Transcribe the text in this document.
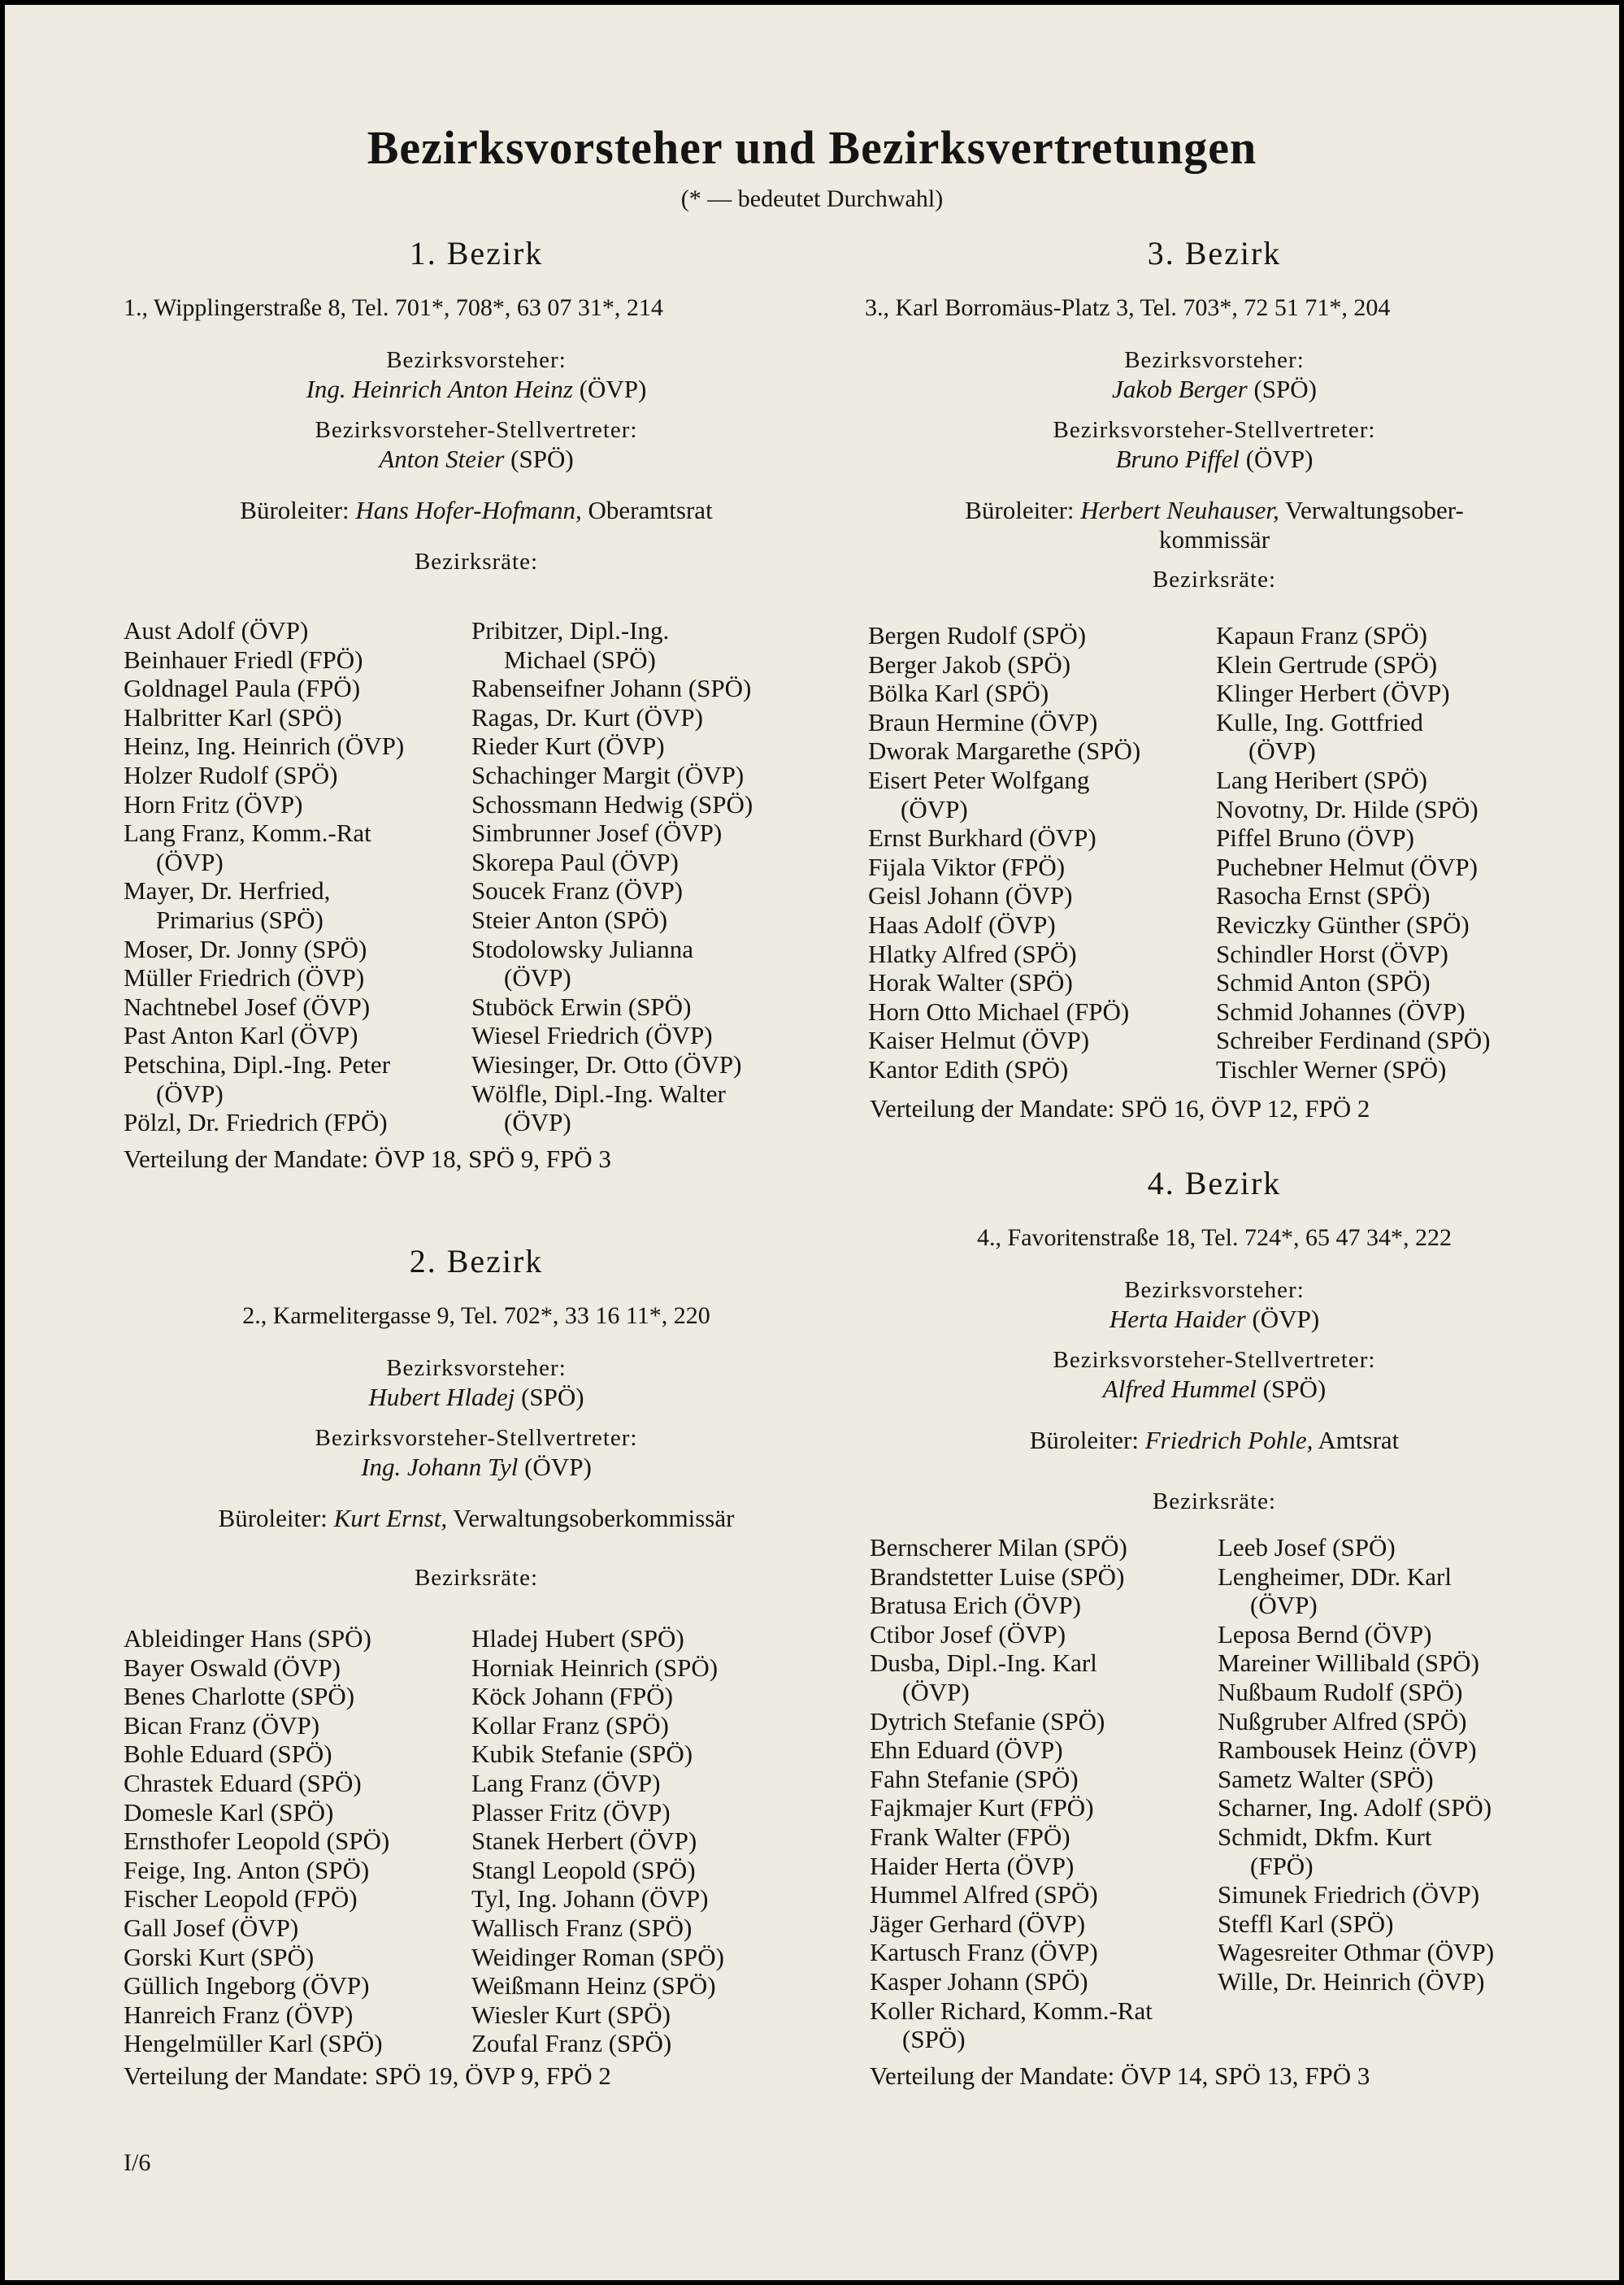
Bezirksvorsteher und Bezirksvertretungen
(* — bedeutet Durchwahl)
1. Bezirk
1., Wipplingerstraße 8, Tel. 701*, 708*, 63 07 31*, 214
Bezirksvorsteher:
Ing. Heinrich Anton Heinz (ÖVP)
Bezirksvorsteher-Stellvertreter:
Anton Steier (SPÖ)
Büroleiter: Hans Hofer-Hofmann, Oberamtsrat
Bezirksräte:
Aust Adolf (ÖVP)
Beinhauer Friedl (FPÖ)
Goldnagel Paula (FPÖ)
Halbritter Karl (SPÖ)
Heinz, Ing. Heinrich (ÖVP)
Holzer Rudolf (SPÖ)
Horn Fritz (ÖVP)
Lang Franz, Komm.-Rat
(ÖVP)
Mayer, Dr. Herfried,
Primarius (SPÖ)
Moser, Dr. Jonny (SPÖ)
Müller Friedrich (ÖVP)
Nachtnebel Josef (ÖVP)
Past Anton Karl (ÖVP)
Petschina, Dipl.-Ing. Peter
(ÖVP)
Pölzl, Dr. Friedrich (FPÖ)
Pribitzer, Dipl.-Ing.
Michael (SPÖ)
Rabenseifner Johann (SPÖ)
Ragas, Dr. Kurt (ÖVP)
Rieder Kurt (ÖVP)
Schachinger Margit (ÖVP)
Schossmann Hedwig (SPÖ)
Simbrunner Josef (ÖVP)
Skorepa Paul (ÖVP)
Soucek Franz (ÖVP)
Steier Anton (SPÖ)
Stodolowsky Julianna
(ÖVP)
Stuböck Erwin (SPÖ)
Wiesel Friedrich (ÖVP)
Wiesinger, Dr. Otto (ÖVP)
Wölfle, Dipl.-Ing. Walter
(ÖVP)
Verteilung der Mandate: ÖVP 18, SPÖ 9, FPÖ 3
2. Bezirk
2., Karmelitergasse 9, Tel. 702*, 33 16 11*, 220
Bezirksvorsteher:
Hubert Hladej (SPÖ)
Bezirksvorsteher-Stellvertreter:
Ing. Johann Tyl (ÖVP)
Büroleiter: Kurt Ernst, Verwaltungsoberkommissär
Bezirksräte:
Ableidinger Hans (SPÖ)
Bayer Oswald (ÖVP)
Benes Charlotte (SPÖ)
Bican Franz (ÖVP)
Bohle Eduard (SPÖ)
Chrastek Eduard (SPÖ)
Domesle Karl (SPÖ)
Ernsthofer Leopold (SPÖ)
Feige, Ing. Anton (SPÖ)
Fischer Leopold (FPÖ)
Gall Josef (ÖVP)
Gorski Kurt (SPÖ)
Güllich Ingeborg (ÖVP)
Hanreich Franz (ÖVP)
Hengelmüller Karl (SPÖ)
Hladej Hubert (SPÖ)
Horniak Heinrich (SPÖ)
Köck Johann (FPÖ)
Kollar Franz (SPÖ)
Kubik Stefanie (SPÖ)
Lang Franz (ÖVP)
Plasser Fritz (ÖVP)
Stanek Herbert (ÖVP)
Stangl Leopold (SPÖ)
Tyl, Ing. Johann (ÖVP)
Wallisch Franz (SPÖ)
Weidinger Roman (SPÖ)
Weißmann Heinz (SPÖ)
Wiesler Kurt (SPÖ)
Zoufal Franz (SPÖ)
Verteilung der Mandate: SPÖ 19, ÖVP 9, FPÖ 2
3. Bezirk
3., Karl Borromäus-Platz 3, Tel. 703*, 72 51 71*, 204
Bezirksvorsteher:
Jakob Berger (SPÖ)
Bezirksvorsteher-Stellvertreter:
Bruno Piffel (ÖVP)
Büroleiter: Herbert Neuhauser, Verwaltungsober-
kommissär
Bezirksräte:
Bergen Rudolf (SPÖ)
Berger Jakob (SPÖ)
Bölka Karl (SPÖ)
Braun Hermine (ÖVP)
Dworak Margarethe (SPÖ)
Eisert Peter Wolfgang
(ÖVP)
Ernst Burkhard (ÖVP)
Fijala Viktor (FPÖ)
Geisl Johann (ÖVP)
Haas Adolf (ÖVP)
Hlatky Alfred (SPÖ)
Horak Walter (SPÖ)
Horn Otto Michael (FPÖ)
Kaiser Helmut (ÖVP)
Kantor Edith (SPÖ)
Kapaun Franz (SPÖ)
Klein Gertrude (SPÖ)
Klinger Herbert (ÖVP)
Kulle, Ing. Gottfried
(ÖVP)
Lang Heribert (SPÖ)
Novotny, Dr. Hilde (SPÖ)
Piffel Bruno (ÖVP)
Puchebner Helmut (ÖVP)
Rasocha Ernst (SPÖ)
Reviczky Günther (SPÖ)
Schindler Horst (ÖVP)
Schmid Anton (SPÖ)
Schmid Johannes (ÖVP)
Schreiber Ferdinand (SPÖ)
Tischler Werner (SPÖ)
Verteilung der Mandate: SPÖ 16, ÖVP 12, FPÖ 2
4. Bezirk
4., Favoritenstraße 18, Tel. 724*, 65 47 34*, 222
Bezirksvorsteher:
Herta Haider (ÖVP)
Bezirksvorsteher-Stellvertreter:
Alfred Hummel (SPÖ)
Büroleiter: Friedrich Pohle, Amtsrat
Bezirksräte:
Bernscherer Milan (SPÖ)
Brandstetter Luise (SPÖ)
Bratusa Erich (ÖVP)
Ctibor Josef (ÖVP)
Dusba, Dipl.-Ing. Karl
(ÖVP)
Dytrich Stefanie (SPÖ)
Ehn Eduard (ÖVP)
Fahn Stefanie (SPÖ)
Fajkmajer Kurt (FPÖ)
Frank Walter (FPÖ)
Haider Herta (ÖVP)
Hummel Alfred (SPÖ)
Jäger Gerhard (ÖVP)
Kartusch Franz (ÖVP)
Kasper Johann (SPÖ)
Koller Richard, Komm.-Rat
(SPÖ)
Leeb Josef (SPÖ)
Lengheimer, DDr. Karl
(ÖVP)
Leposa Bernd (ÖVP)
Mareiner Willibald (SPÖ)
Nußbaum Rudolf (SPÖ)
Nußgruber Alfred (SPÖ)
Rambousek Heinz (ÖVP)
Sametz Walter (SPÖ)
Scharner, Ing. Adolf (SPÖ)
Schmidt, Dkfm. Kurt
(FPÖ)
Simunek Friedrich (ÖVP)
Steffl Karl (SPÖ)
Wagesreiter Othmar (ÖVP)
Wille, Dr. Heinrich (ÖVP)
Verteilung der Mandate: ÖVP 14, SPÖ 13, FPÖ 3
I/6
